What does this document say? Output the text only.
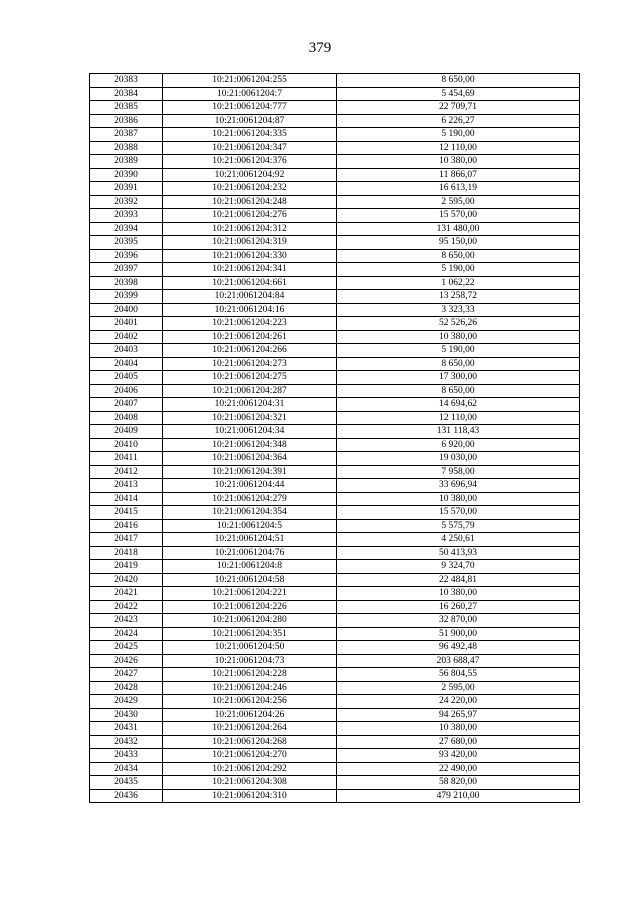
379
20383	10:21:0061204:255	8 650,00
20384	10:21:0061204:7	5 454,69
20385	10:21:0061204:777	22 709,71
20386	10:21:0061204:87	6 226,27
20387	10:21:0061204:335	5 190,00
20388	10:21:0061204:347	12 110,00
20389	10:21:0061204:376	10 380,00
20390	10:21:0061204:92	11 866,07
20391	10:21:0061204:232	16 613,19
20392	10:21:0061204:248	2 595,00
20393	10:21:0061204:276	15 570,00
20394	10:21:0061204:312	131 480,00
20395	10:21:0061204:319	95 150,00
20396	10:21:0061204:330	8 650,00
20397	10:21:0061204:341	5 190,00
20398	10:21:0061204:661	1 062,22
20399	10:21:0061204:84	13 258,72
20400	10:21:0061204:16	3 323,33
20401	10:21:0061204:223	52 526,26
20402	10:21:0061204:261	10 380,00
20403	10:21:0061204:266	5 190,00
20404	10:21:0061204:273	8 650,00
20405	10:21:0061204:275	17 300,00
20406	10:21:0061204:287	8 650,00
20407	10:21:0061204:31	14 694,62
20408	10:21:0061204:321	12 110,00
20409	10:21:0061204:34	131 118,43
20410	10:21:0061204:348	6 920,00
20411	10:21:0061204:364	19 030,00
20412	10:21:0061204:391	7 958,00
20413	10:21:0061204:44	33 696,94
20414	10:21:0061204:279	10 380,00
20415	10:21:0061204:354	15 570,00
20416	10:21:0061204:5	5 575,79
20417	10:21:0061204:51	4 250,61
20418	10:21:0061204:76	50 413,93
20419	10:21:0061204:8	9 324,70
20420	10:21:0061204:58	22 484,81
20421	10:21:0061204:221	10 380,00
20422	10:21:0061204:226	16 260,27
20423	10:21:0061204:280	32 870,00
20424	10:21:0061204:351	51 900,00
20425	10:21:0061204:50	96 492,48
20426	10:21:0061204:73	203 688,47
20427	10:21:0061204:228	56 804,55
20428	10:21:0061204:246	2 595,00
20429	10:21:0061204:256	24 220,00
20430	10:21:0061204:26	94 265,97
20431	10:21:0061204:264	10 380,00
20432	10:21:0061204:268	27 680,00
20433	10:21:0061204:270	93 420,00
20434	10:21:0061204:292	22 490,00
20435	10:21:0061204:308	58 820,00
20436	10:21:0061204:310	479 210,00
